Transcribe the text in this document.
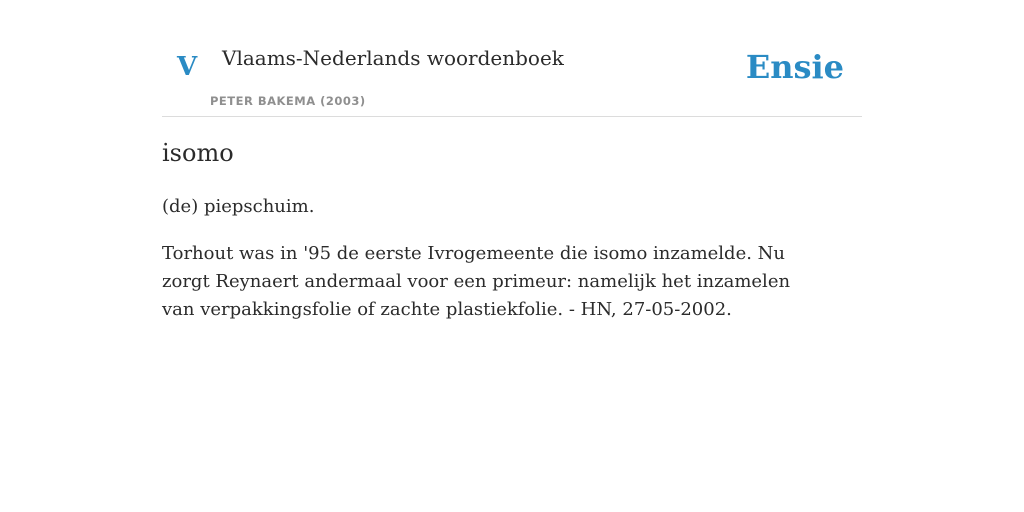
V Vlaams-Nederlands woordenboek
PETER BAKEMA (2003)
Ensie
isomo

(de) piepschuim.

Torhout was in '95 de eerste Ivrogemeente die isomo inzamelde. Nu zorgt Reynaert andermaal voor een primeur: namelijk het inzamelen van verpakkingsfolie of zachte plastiekfolie. - HN, 27-05-2002.
